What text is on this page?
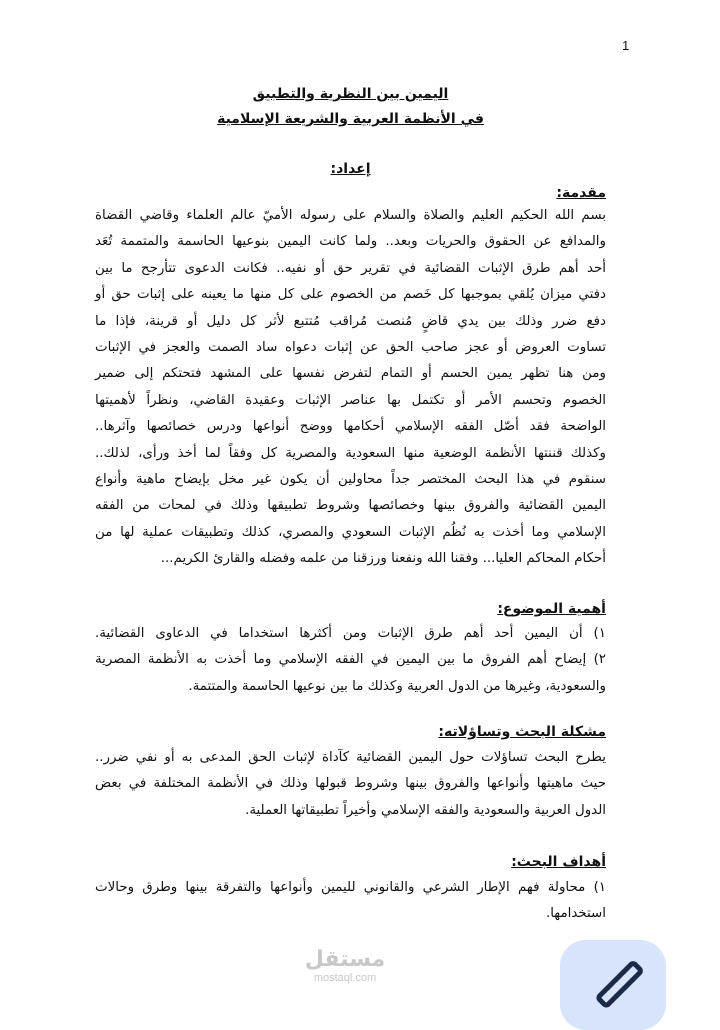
1
اليمين بين النظرية والتطبيق
في الأنظمة العربية والشريعة الإسلامية
إعداد:
مقدمة:
بسم الله الحكيم العليم والصلاة والسلام على رسوله الأميّ عالم العلماء وقاضي القضاة
والمدافع عن الحقوق والحريات وبعد.. ولما كانت اليمين بنوعيها الحاسمة والمتممة تُعَد
أحد أهم طرق الإثبات القضائية في تقرير حق أو نفيه.. فكانت الدعوى تتأرجح ما بين
دفتي ميزان يُلقي بموجبها كل خَصم من الخصوم على كل منها ما يعينه على إثبات حق أو
دفع ضرر وذلك بين يدي قاضٍ مُنصت مُراقب مُتتبع لأثر كل دليل أو قرينة، فإذا ما
تساوت العروض أو عجز صاحب الحق عن إثبات دعواه ساد الصمت والعجز في الإثبات
ومن هنا تظهر يمين الحسم أو التمام لتفرض نفسها على المشهد فتحتكم إلى ضمير
الخصوم وتحسم الأمر أو تكتمل بها عناصر الإثبات وعقيدة القاضي، ونظراً لأهميتها
الواضحة فقد أصّل الفقه الإسلامي أحكامها ووضح أنواعها ودرس خصائصها وآثرها..
وكذلك قننتها الأنظمة الوضعية منها السعودية والمصرية كل وفقاً لما أخذ ورأى، لذلك..
سنقوم في هذا البحث المختصر جداً محاولين أن يكون غير مخل بإيضاح ماهية وأنواع
اليمين القضائية والفروق بينها وخصائصها وشروط تطبيقها وذلك في لمحات من الفقه
الإسلامي وما أخذت به نُظُم الإثبات السعودي والمصري، كذلك وتطبيقات عملية لها من
أحكام المحاكم العليا... وفقنا الله ونفعنا ورزقنا من علمه وفضله والقارئ الكريم...
أهمية الموضوع:
١) أن اليمين أحد أهم طرق الإثبات ومن أكثرها استخداما في الدعاوى القضائية.
٢) إيضاح أهم الفروق ما بين اليمين في الفقه الإسلامي وما أخذت به الأنظمة المصرية
والسعودية، وغيرها من الدول العربية وكذلك ما بين نوعيها الحاسمة والمتتمة.
مشكلة البحث وتساؤلاته:
يطرح البحث تساؤلات حول اليمين القضائية كآداة لإثبات الحق المدعى به أو نفي ضرر..
حيث ماهيتها وأنواعها والفروق بينها وشروط قبولها وذلك في الأنظمة المختلفة في بعض
الدول العربية والسعودية والفقه الإسلامي وأخيراً تطبيقاتها العملية.
أهداف البحث:
١) محاولة فهم الإطار الشرعي والقانوني لليمين وأنواعها والتفرقة بينها وطرق وحالات
استخدامها.
مستقل
mostaql.com
